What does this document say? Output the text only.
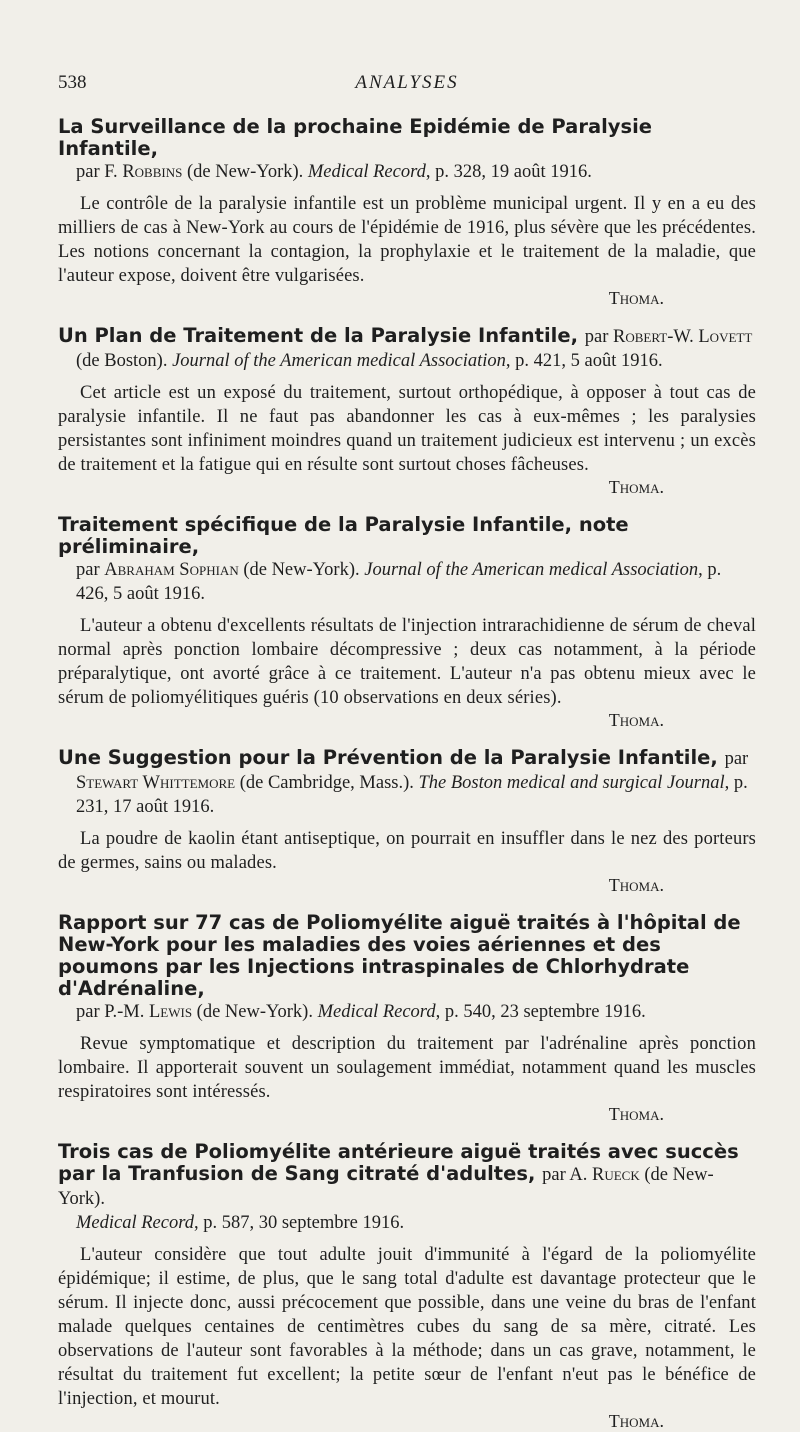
538	ANALYSES
La Surveillance de la prochaine Epidémie de Paralysie Infantile,
par F. Robbins (de New-York). Medical Record, p. 328, 19 août 1916.
Le contrôle de la paralysie infantile est un problème municipal urgent. Il y en a eu des milliers de cas à New-York au cours de l'épidémie de 1916, plus sévère que les précédentes. Les notions concernant la contagion, la prophylaxie et le traitement de la maladie, que l'auteur expose, doivent être vulgarisées.
Thoma.
Un Plan de Traitement de la Paralysie Infantile, par Robert-W. Lovett
(de Boston). Journal of the American medical Association, p. 421, 5 août 1916.
Cet article est un exposé du traitement, surtout orthopédique, à opposer à tout cas de paralysie infantile. Il ne faut pas abandonner les cas à eux-mêmes ; les paralysies persistantes sont infiniment moindres quand un traitement judicieux est intervenu ; un excès de traitement et la fatigue qui en résulte sont surtout choses fâcheuses.
Thoma.
Traitement spécifique de la Paralysie Infantile, note préliminaire,
par Abraham Sophian (de New-York). Journal of the American medical Association, p. 426, 5 août 1916.
L'auteur a obtenu d'excellents résultats de l'injection intrarachidienne de sérum de cheval normal après ponction lombaire décompressive ; deux cas notamment, à la période préparalytique, ont avorté grâce à ce traitement. L'auteur n'a pas obtenu mieux avec le sérum de poliomyélitiques guéris (10 observations en deux séries).
Thoma.
Une Suggestion pour la Prévention de la Paralysie Infantile, par
Stewart Whittemore (de Cambridge, Mass.). The Boston medical and surgical Journal, p. 231, 17 août 1916.
La poudre de kaolin étant antiseptique, on pourrait en insuffler dans le nez des porteurs de germes, sains ou malades.
Thoma.
Rapport sur 77 cas de Poliomyélite aiguë traités à l'hôpital de New-York pour les maladies des voies aériennes et des poumons par les Injections intraspinales de Chlorhydrate d'Adrénaline,
par P.-M. Lewis (de New-York). Medical Record, p. 540, 23 septembre 1916.
Revue symptomatique et description du traitement par l'adrénaline après ponction lombaire. Il apporterait souvent un soulagement immédiat, notamment quand les muscles respiratoires sont intéressés.
Thoma.
Trois cas de Poliomyélite antérieure aiguë traités avec succès par la Tranfusion de Sang citraté d'adultes, par A. Rueck (de New-York).
Medical Record, p. 587, 30 septembre 1916.
L'auteur considère que tout adulte jouit d'immunité à l'égard de la poliomyélite épidémique; il estime, de plus, que le sang total d'adulte est davantage protecteur que le sérum. Il injecte donc, aussi précocement que possible, dans une veine du bras de l'enfant malade quelques centaines de centimètres cubes du sang de sa mère, citraté. Les observations de l'auteur sont favorables à la méthode; dans un cas grave, notamment, le résultat du traitement fut excellent; la petite sœur de l'enfant n'eut pas le bénéfice de l'injection, et mourut.
Thoma.
